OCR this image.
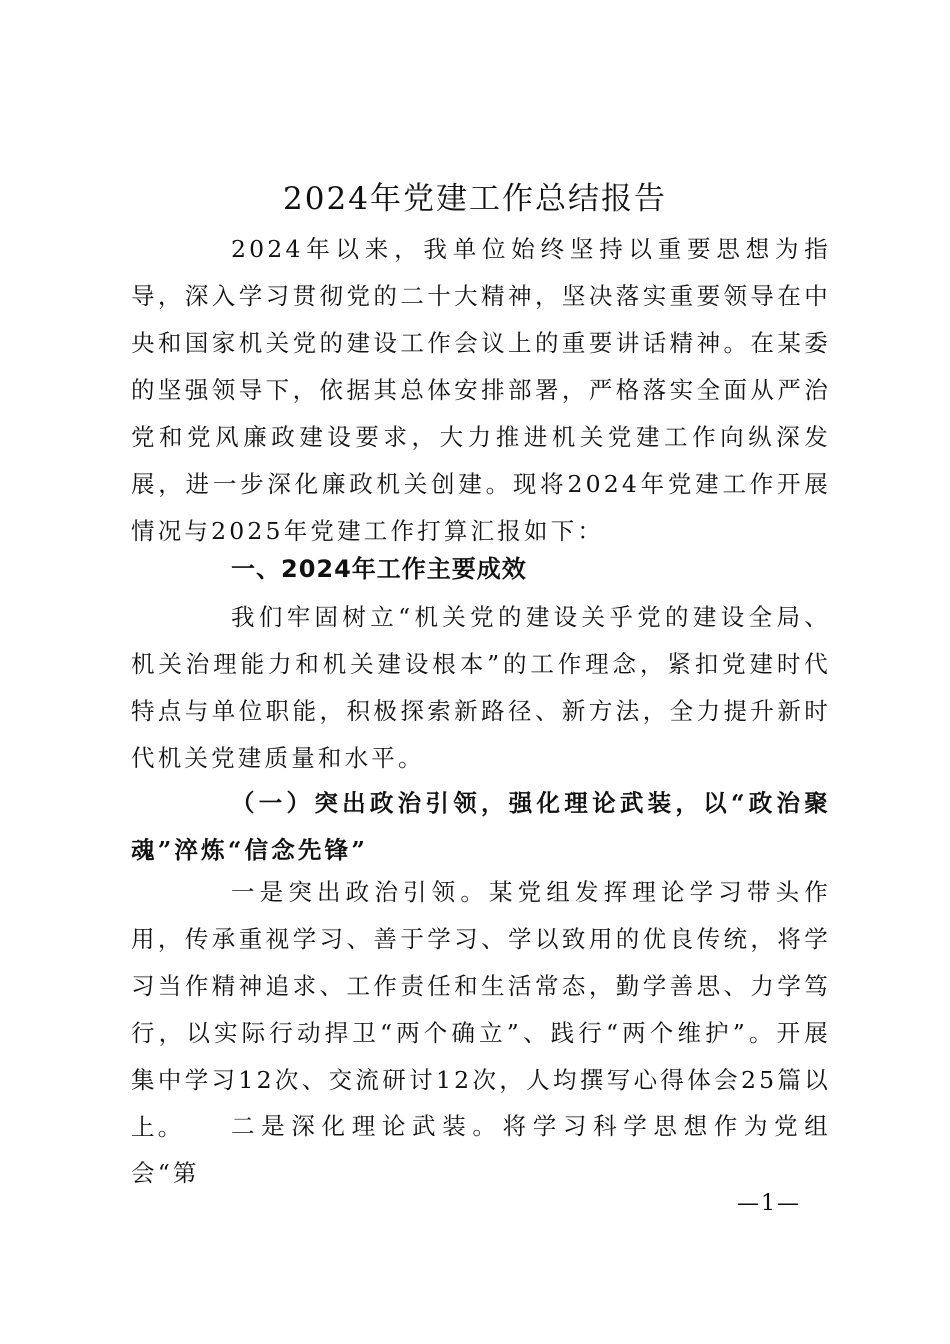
2024年党建工作总结报告

2024年以来，我单位始终坚持以重要思想为指导，深入学习贯彻党的二十大精神，坚决落实重要领导在中央和国家机关党的建设工作会议上的重要讲话精神。在某委的坚强领导下，依据其总体安排部署，严格落实全面从严治党和党风廉政建设要求，大力推进机关党建工作向纵深发展，进一步深化廉政机关创建。现将2024年党建工作开展情况与2025年党建工作打算汇报如下：

一、2024年工作主要成效

我们牢固树立“机关党的建设关乎党的建设全局、机关治理能力和机关建设根本”的工作理念，紧扣党建时代特点与单位职能，积极探索新路径、新方法，全力提升新时代机关党建质量和水平。

（一）突出政治引领，强化理论武装，以“政治聚魂”淬炼“信念先锋”

一是突出政治引领。某党组发挥理论学习带头作用，传承重视学习、善于学习、学以致用的优良传统，将学习当作精神追求、工作责任和生活常态，勤学善思、力学笃行，以实际行动捍卫“两个确立”、践行“两个维护”。开展集中学习12次、交流研讨12次，人均撰写心得体会25篇以上。	二是深化理论武装。将学习科学思想作为党组会“第

—1—
